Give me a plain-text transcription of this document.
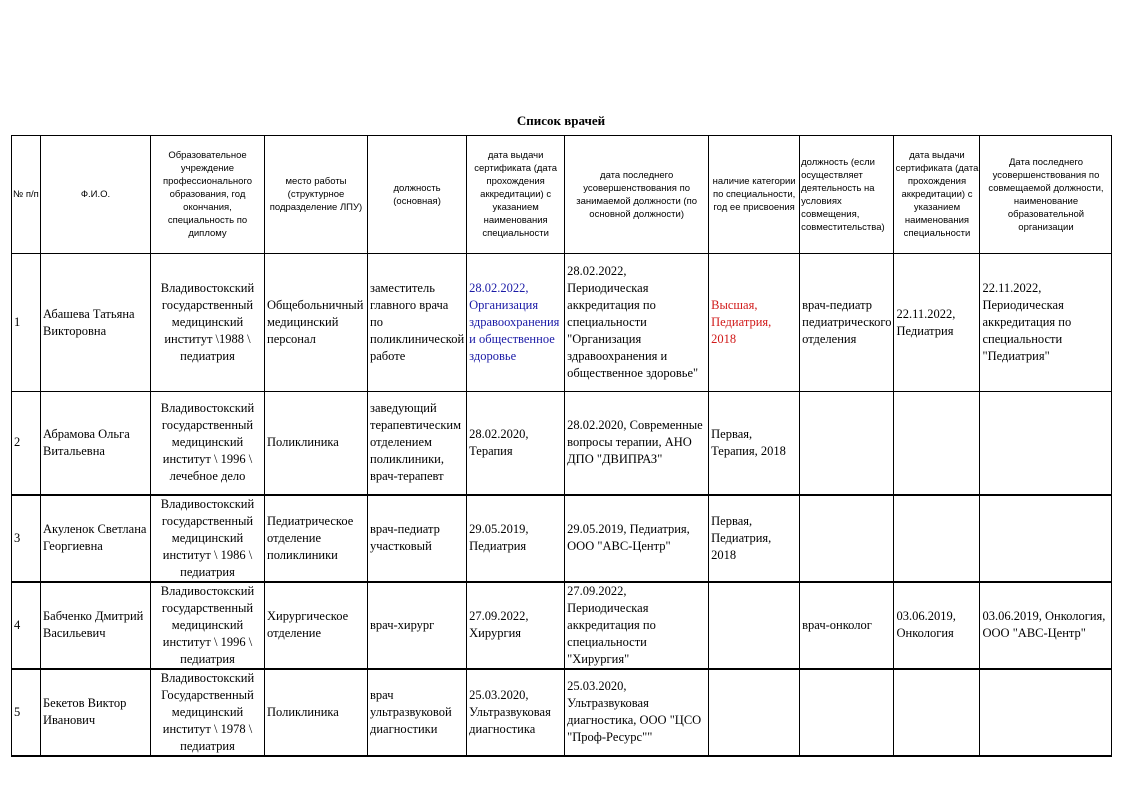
Список врачей
№ п/п	Ф.И.О.	Образовательное учреждение профессионального образования, год окончания, специальность по диплому	место работы (структурное подразделение ЛПУ)	должность (основная)	дата выдачи сертификата (дата прохождения аккредитации) с указанием наименования специальности	дата последнего усовершенствования по занимаемой должности (по основной должности)	наличие категории по специальности, год ее присвоения	должность (если осуществляет деятельность на условиях совмещения, совместительства)	дата выдачи сертификата (дата прохождения аккредитации) с указанием наименования специальности	Дата последнего усовершенствования по совмещаемой должности, наименование образовательной организации
1	Абашева Татьяна Викторовна	Владивостокский государственный медицинский институт \1988 \ педиатрия	Общебольничный медицинский персонал	заместитель главного врача по поликлинической работе	28.02.2022, Организация здравоохранения и общественное здоровье	28.02.2022, Периодическая аккредитация по специальности "Организация здравоохранения и общественное здоровье"	Высшая, Педиатрия, 2018	врач-педиатр педиатрического отделения	22.11.2022, Педиатрия	22.11.2022, Периодическая аккредитация по специальности "Педиатрия"
2	Абрамова Ольга Витальевна	Владивостокский государственный медицинский институт \ 1996 \ лечебное дело	Поликлиника	заведующий терапевтическим отделением поликлиники, врач-терапевт	28.02.2020, Терапия	28.02.2020, Современные вопросы терапии, АНО ДПО "ДВИПРАЗ"	Первая, Терапия, 2018			
3	Акуленок Светлана Георгиевна	Владивостокский государственный медицинский институт \ 1986 \ педиатрия	Педиатрическое отделение поликлиники	врач-педиатр участковый	29.05.2019, Педиатрия	29.05.2019, Педиатрия, ООО "АВС-Центр"	Первая, Педиатрия, 2018			
4	Бабченко Дмитрий Васильевич	Владивостокский государственный медицинский институт \ 1996 \ педиатрия	Хирургическое отделение	врач-хирург	27.09.2022, Хирургия	27.09.2022, Периодическая аккредитация по специальности "Хирургия"		врач-онколог	03.06.2019, Онкология	03.06.2019, Онкология, ООО "АВС-Центр"
5	Бекетов Виктор Иванович	Владивостокский Государственный медицинский институт \ 1978 \ педиатрия	Поликлиника	врач ультразвуковой диагностики	25.03.2020, Ультразвуковая диагностика	25.03.2020, Ультразвуковая диагностика, ООО "ЦСО "Проф-Ресурс""				
